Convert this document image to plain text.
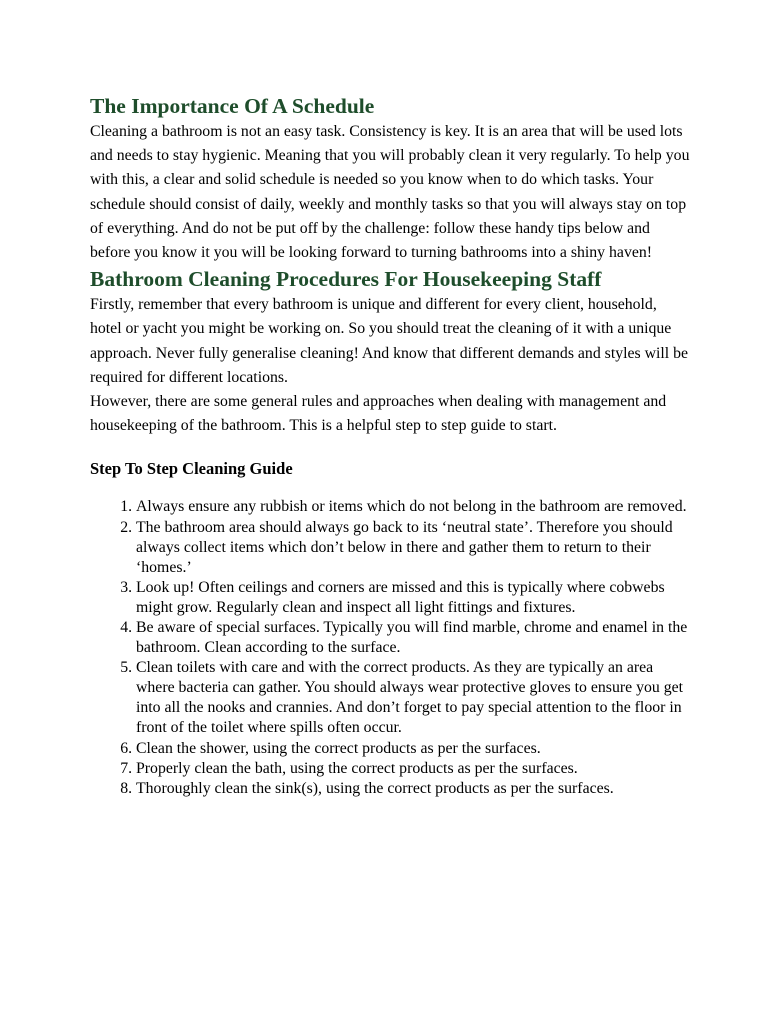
The Importance Of A Schedule

Cleaning a bathroom is not an easy task. Consistency is key. It is an area that will be used lots and needs to stay hygienic. Meaning that you will probably clean it very regularly. To help you with this, a clear and solid schedule is needed so you know when to do which tasks. Your schedule should consist of daily, weekly and monthly tasks so that you will always stay on top of everything. And do not be put off by the challenge: follow these handy tips below and before you know it you will be looking forward to turning bathrooms into a shiny haven!

Bathroom Cleaning Procedures For Housekeeping Staff

Firstly, remember that every bathroom is unique and different for every client, household, hotel or yacht you might be working on. So you should treat the cleaning of it with a unique approach. Never fully generalise cleaning! And know that different demands and styles will be required for different locations.

However, there are some general rules and approaches when dealing with management and housekeeping of the bathroom. This is a helpful step to step guide to start.

Step To Step Cleaning Guide
1. Always ensure any rubbish or items which do not belong in the bathroom are removed.
2. The bathroom area should always go back to its ‘neutral state’. Therefore you should always collect items which don’t below in there and gather them to return to their ‘homes.’
3. Look up! Often ceilings and corners are missed and this is typically where cobwebs might grow. Regularly clean and inspect all light fittings and fixtures.
4. Be aware of special surfaces. Typically you will find marble, chrome and enamel in the bathroom. Clean according to the surface.
5. Clean toilets with care and with the correct products. As they are typically an area where bacteria can gather. You should always wear protective gloves to ensure you get into all the nooks and crannies. And don’t forget to pay special attention to the floor in front of the toilet where spills often occur.
6. Clean the shower, using the correct products as per the surfaces.
7. Properly clean the bath, using the correct products as per the surfaces.
8. Thoroughly clean the sink(s), using the correct products as per the surfaces.
